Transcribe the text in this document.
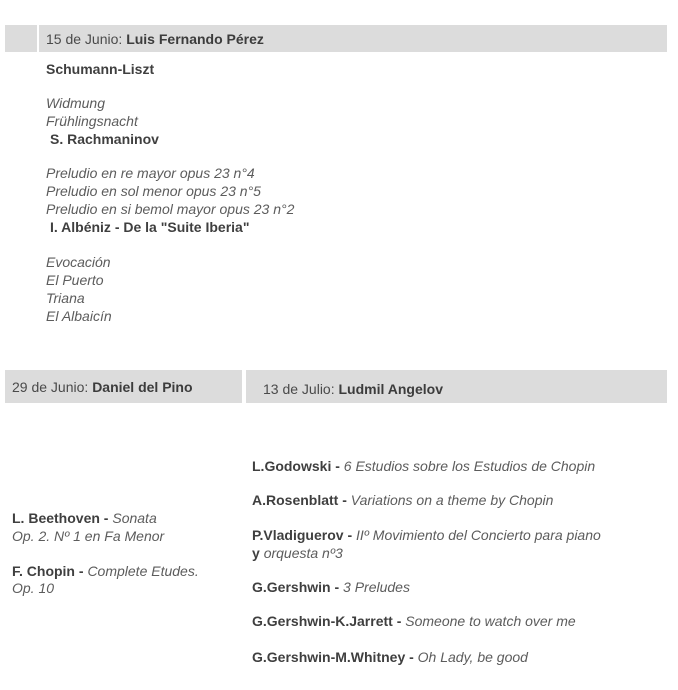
15 de Junio: Luis Fernando Pérez
Schumann-Liszt
Widmung
Frühlingsnacht
S. Rachmaninov
Preludio en re mayor opus 23 n°4
Preludio en sol menor opus 23 n°5
Preludio en si bemol mayor opus 23 n°2
I. Albéniz - De la "Suite Iberia"
Evocación
El Puerto
Triana
El Albaicín
29 de Junio: Daniel del Pino	13 de Julio: Ludmil Angelov
L. Beethoven - Sonata
Op. 2. Nº 1 en Fa Menor
F. Chopin - Complete Etudes.
Op. 10
L.Godowski - 6 Estudios sobre los Estudios de Chopin
A.Rosenblatt - Variations on a theme by Chopin
P.Vladiguerov - IIº Movimiento del Concierto para piano
y orquesta nº3
G.Gershwin - 3 Preludes
G.Gershwin-K.Jarrett - Someone to watch over me
G.Gershwin-M.Whitney - Oh Lady, be good
